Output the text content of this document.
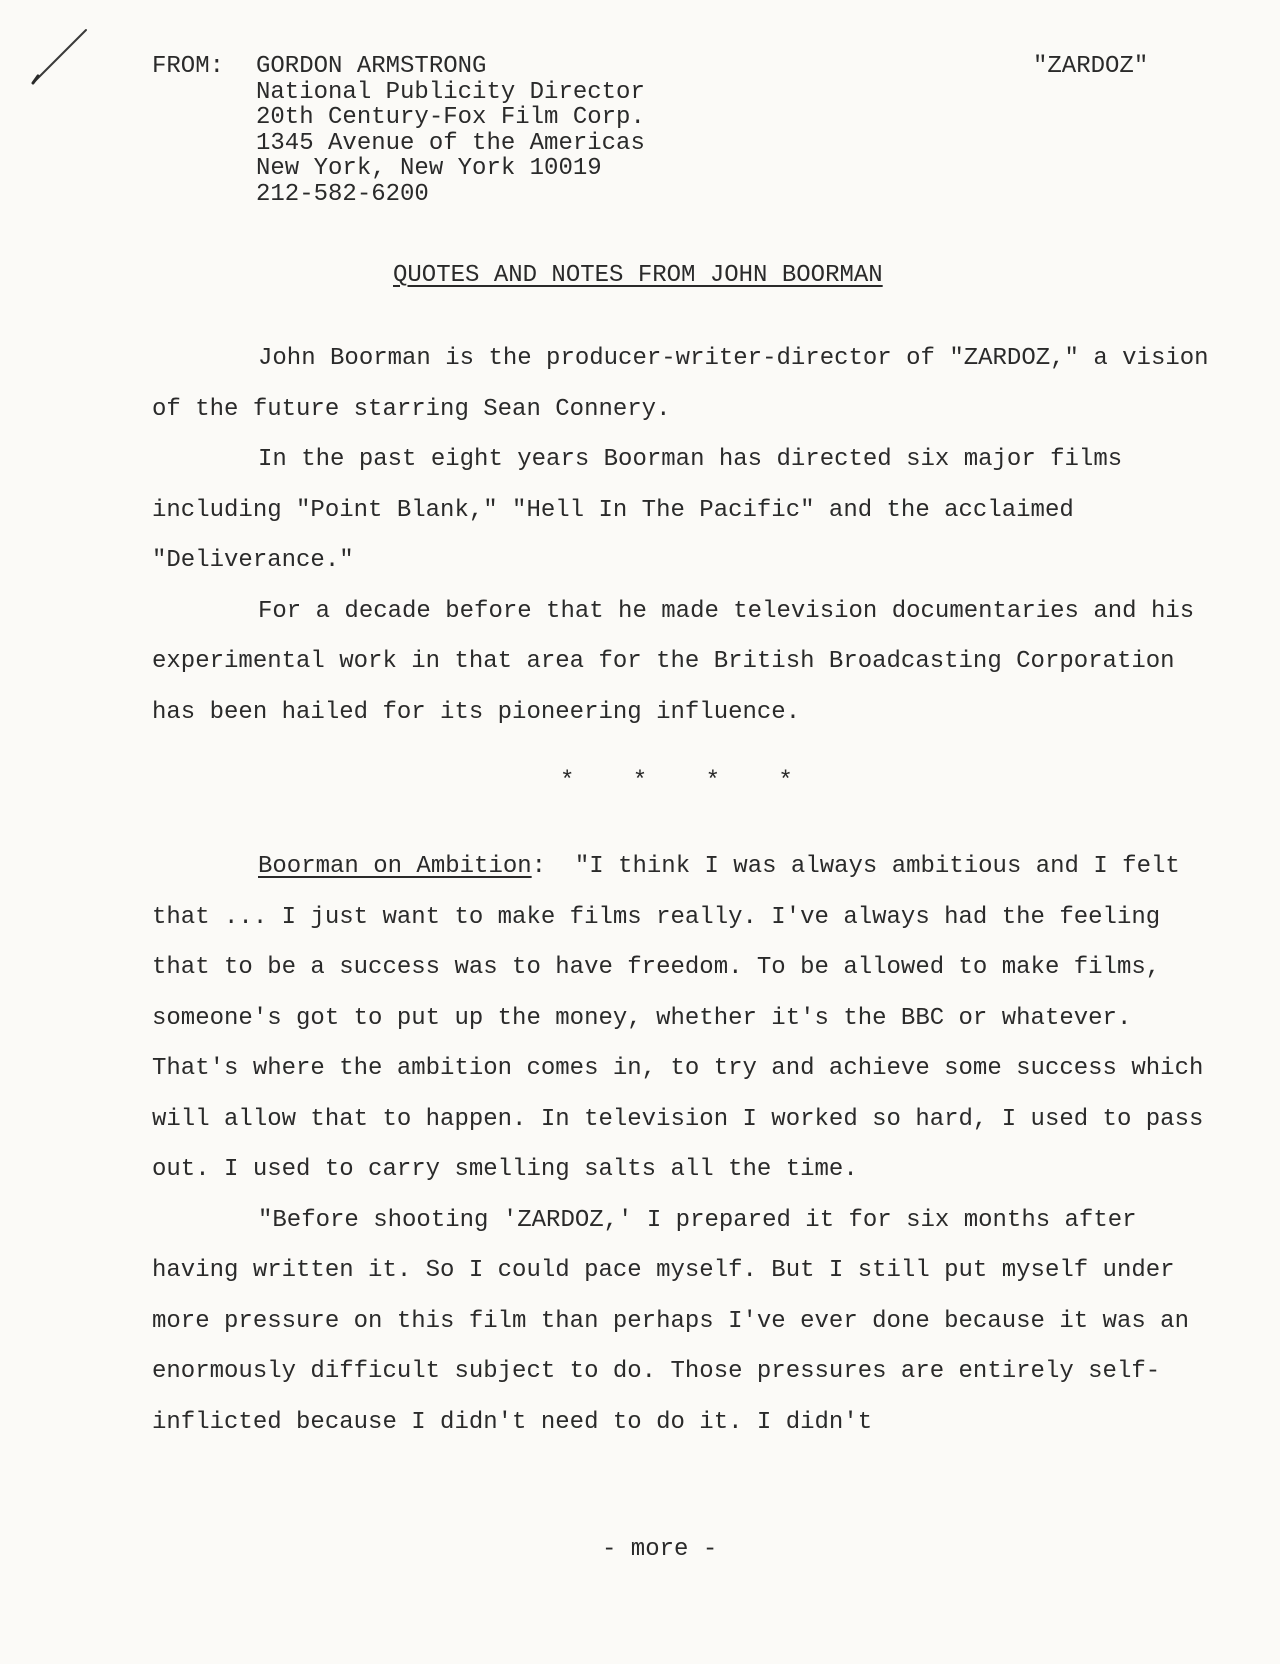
FROM: GORDON ARMSTRONG
National Publicity Director
20th Century-Fox Film Corp.
1345 Avenue of the Americas
New York, New York 10019
212-582-6200
"ZARDOZ"
QUOTES AND NOTES FROM JOHN BOORMAN

John Boorman is the producer-writer-director of "ZARDOZ," a vision of the future starring Sean Connery.

In the past eight years Boorman has directed six major films including "Point Blank," "Hell In The Pacific" and the acclaimed "Deliverance."

For a decade before that he made television documentaries and his experimental work in that area for the British Broadcasting Corporation has been hailed for its pioneering influence.

* * * *

Boorman on Ambition:  "I think I was always ambitious and I felt that ... I just want to make films really. I've always had the feeling that to be a success was to have freedom. To be allowed to make films, someone's got to put up the money, whether it's the BBC or whatever. That's where the ambition comes in, to try and achieve some success which will allow that to happen. In television I worked so hard, I used to pass out. I used to carry smelling salts all the time.

"Before shooting 'ZARDOZ,' I prepared it for six months after having written it. So I could pace myself. But I still put myself under more pressure on this film than perhaps I've ever done because it was an enormously difficult subject to do. Those pressures are entirely self-inflicted because I didn't need to do it. I didn't

- more -
